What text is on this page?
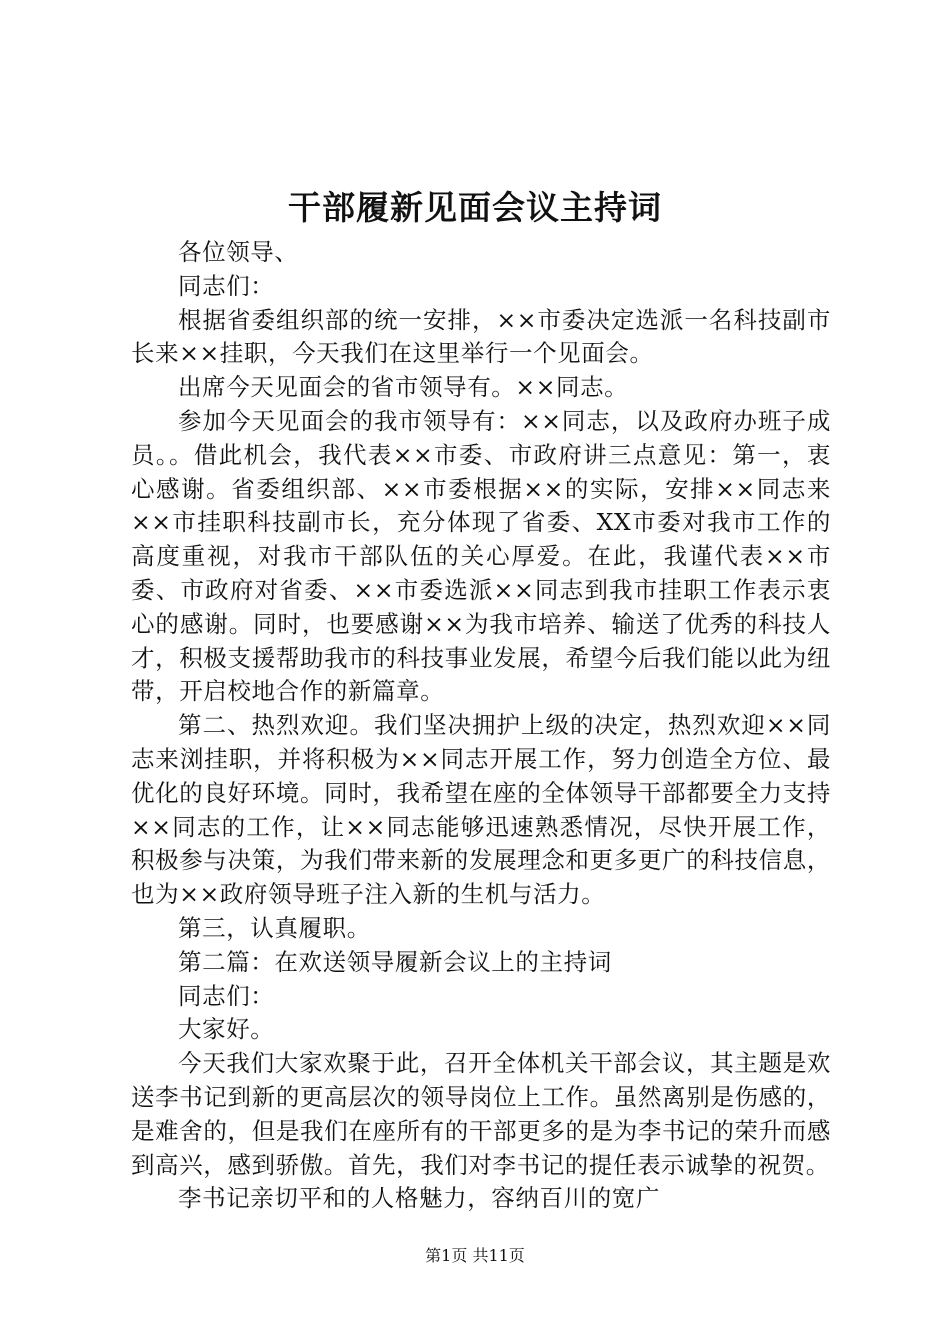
干部履新见面会议主持词

各位领导、

同志们：

根据省委组织部的统一安排，××市委决定选派一名科技副市长来××挂职，今天我们在这里举行一个见面会。

出席今天见面会的省市领导有。××同志。

参加今天见面会的我市领导有：××同志，以及政府办班子成员。。借此机会，我代表××市委、市政府讲三点意见：第一，衷心感谢。省委组织部、××市委根据××的实际，安排××同志来××市挂职科技副市长，充分体现了省委、XX市委对我市工作的高度重视，对我市干部队伍的关心厚爱。在此，我谨代表××市委、市政府对省委、××市委选派××同志到我市挂职工作表示衷心的感谢。同时，也要感谢××为我市培养、输送了优秀的科技人才，积极支援帮助我市的科技事业发展，希望今后我们能以此为纽带，开启校地合作的新篇章。

第二、热烈欢迎。我们坚决拥护上级的决定，热烈欢迎××同志来浏挂职，并将积极为××同志开展工作，努力创造全方位、最优化的良好环境。同时，我希望在座的全体领导干部都要全力支持××同志的工作，让××同志能够迅速熟悉情况，尽快开展工作，积极参与决策，为我们带来新的发展理念和更多更广的科技信息，也为××政府领导班子注入新的生机与活力。

第三，认真履职。

第二篇：在欢送领导履新会议上的主持词

同志们：

大家好。

今天我们大家欢聚于此，召开全体机关干部会议，其主题是欢送李书记到新的更高层次的领导岗位上工作。虽然离别是伤感的，是难舍的，但是我们在座所有的干部更多的是为李书记的荣升而感到高兴，感到骄傲。首先，我们对李书记的提任表示诚挚的祝贺。

李书记亲切平和的人格魅力，容纳百川的宽广

第1页 共11页
